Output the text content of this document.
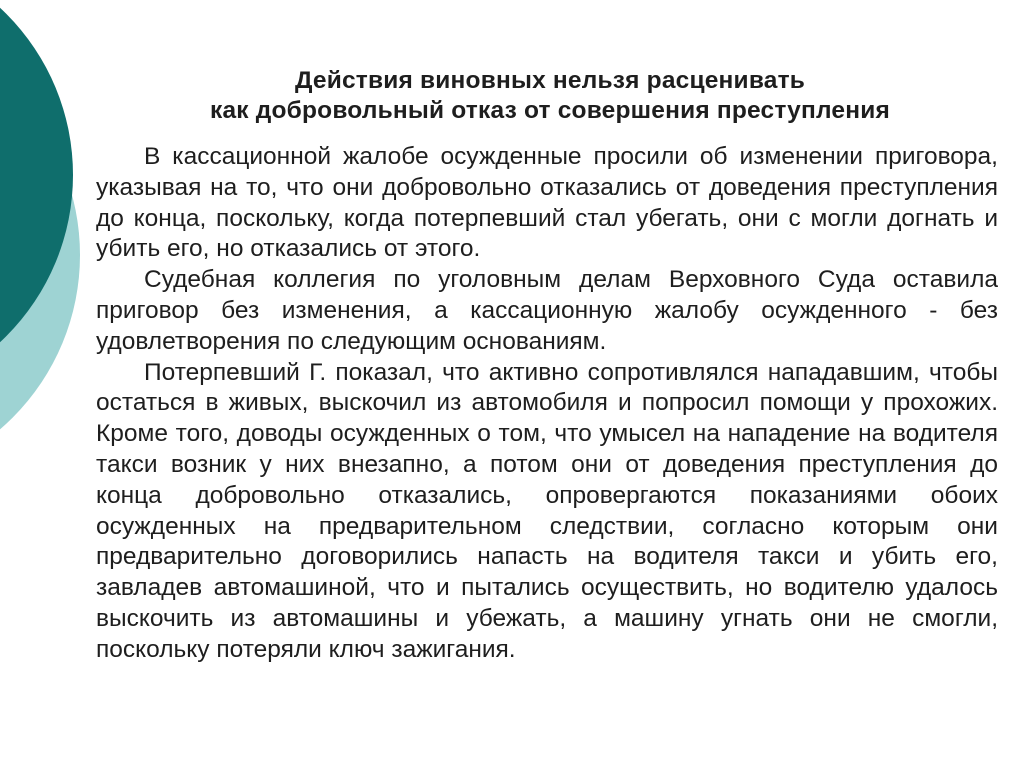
Действия виновных нельзя расценивать
как добровольный отказ от совершения преступления

В кассационной жалобе осужденные просили об изменении приговора, указывая на то, что они добровольно отказались от доведения преступления до конца, поскольку, когда потерпевший стал убегать, они с могли догнать и убить его, но отказались от этого.

Судебная коллегия по уголовным делам Верховного Суда оставила приговор без изменения, а кассационную жалобу осужденного - без удовлетворения по следующим основаниям.

Потерпевший Г. показал, что активно сопротивлялся нападавшим, чтобы остаться в живых, выскочил из автомобиля и попросил помощи у прохожих. Кроме того, доводы осужденных о том, что умысел на нападение на водителя такси возник у них внезапно, а потом они от доведения преступления до конца добровольно отказались, опровергаются показаниями обоих осужденных на предварительном следствии, согласно которым они предварительно договорились напасть на водителя такси и убить его, завладев автомашиной, что и пытались осуществить, но водителю удалось выскочить из автомашины и убежать, а машину угнать они не смогли, поскольку потеряли ключ зажигания.
